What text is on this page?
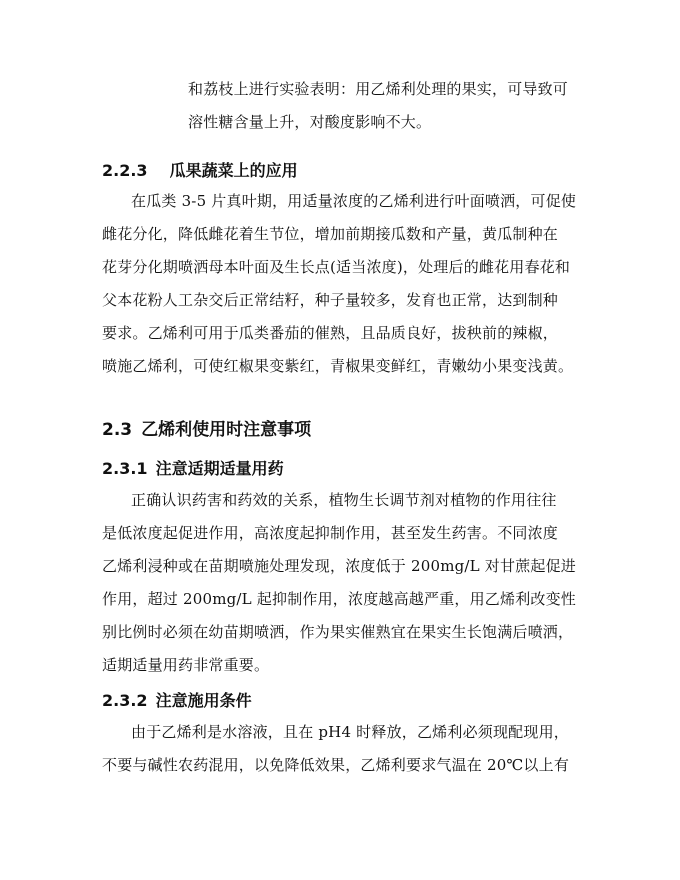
和荔枝上进行实验表明：用乙烯利处理的果实，可导致可
溶性糖含量上升，对酸度影响不大。
2.2.3 瓜果蔬菜上的应用
在瓜类 3-5 片真叶期，用适量浓度的乙烯利进行叶面喷洒，可促使
雌花分化，降低雌花着生节位，增加前期接瓜数和产量，黄瓜制种在
花芽分化期喷洒母本叶面及生长点(适当浓度)，处理后的雌花用春花和
父本花粉人工杂交后正常结籽，种子量较多，发育也正常，达到制种
要求。乙烯利可用于瓜类番茄的催熟，且品质良好，拔秧前的辣椒，
喷施乙烯利，可使红椒果变紫红，青椒果变鲜红，青嫩幼小果变浅黄。
2.3 乙烯利使用时注意事项
2.3.1 注意适期适量用药
正确认识药害和药效的关系，植物生长调节剂对植物的作用往往
是低浓度起促进作用，高浓度起抑制作用，甚至发生药害。不同浓度
乙烯利浸种或在苗期喷施处理发现，浓度低于 200mg/L 对甘蔗起促进
作用，超过 200mg/L 起抑制作用，浓度越高越严重，用乙烯利改变性
别比例时必须在幼苗期喷洒，作为果实催熟宜在果实生长饱满后喷洒，
适期适量用药非常重要。
2.3.2 注意施用条件
由于乙烯利是水溶液，且在 pH4 时释放，乙烯利必须现配现用，
不要与碱性农药混用，以免降低效果，乙烯利要求气温在 20℃以上有
